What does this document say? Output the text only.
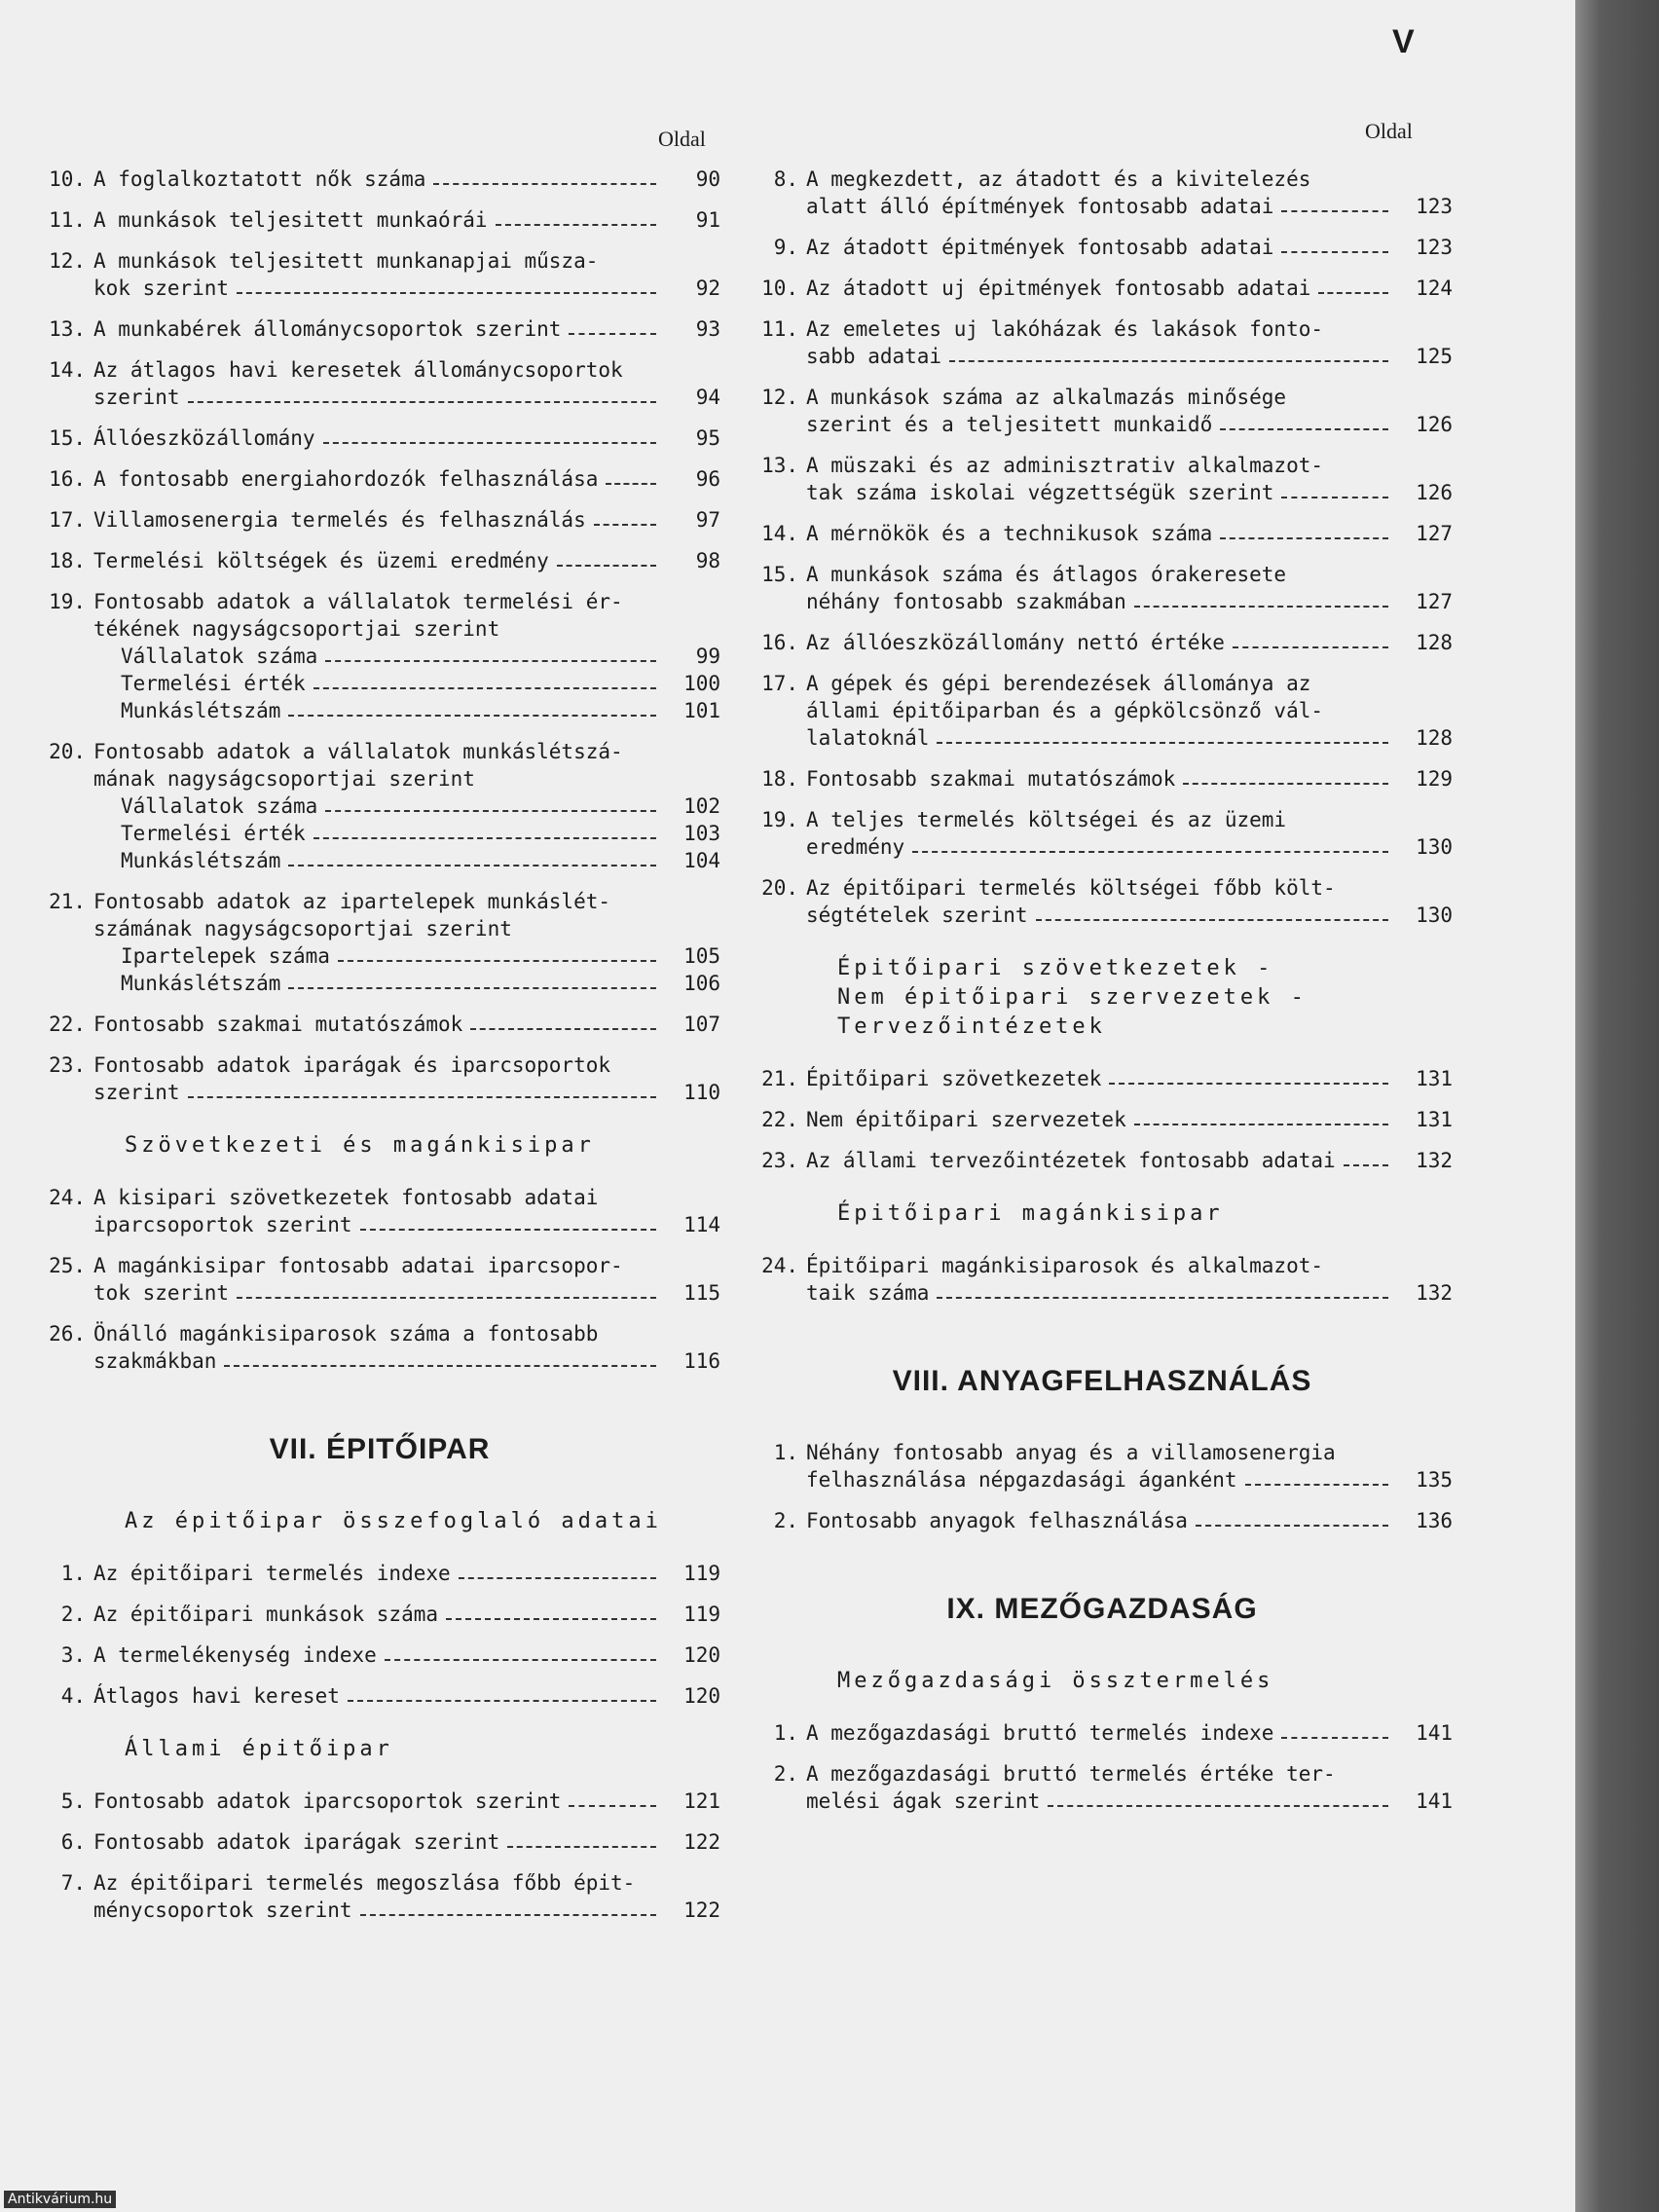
V
Oldal	Oldal
10. A foglalkoztatott nők száma	90
11. A munkások teljesitett munkaórái	91
12. A munkások teljesitett munkanapjai műsza-
kok szerint	92
13. A munkabérek állománycsoportok szerint	93
14. Az átlagos havi keresetek állománycsoportok
szerint	94
15. Állóeszközállomány	95
16. A fontosabb energiahordozók felhasználása	96
17. Villamosenergia termelés és felhasználás	97
18. Termelési költségek és üzemi eredmény	98
19. Fontosabb adatok a vállalatok termelési ér-
tékének nagyságcsoportjai szerint
Vállalatok száma	99
Termelési érték	100
Munkáslétszám	101
20. Fontosabb adatok a vállalatok munkáslétszá-
mának nagyságcsoportjai szerint
Vállalatok száma	102
Termelési érték	103
Munkáslétszám	104
21. Fontosabb adatok az ipartelepek munkáslét-
számának nagyságcsoportjai szerint
Ipartelepek száma	105
Munkáslétszám	106
22. Fontosabb szakmai mutatószámok	107
23. Fontosabb adatok iparágak és iparcsoportok
szerint	110
Szövetkezeti és magánkisipar
24. A kisipari szövetkezetek fontosabb adatai
iparcsoportok szerint	114
25. A magánkisipar fontosabb adatai iparcsopor-
tok szerint	115
26. Önálló magánkisiparosok száma a fontosabb
szakmákban	116
VII. ÉPITŐIPAR
Az épitőipar összefoglaló adatai
1. Az épitőipari termelés indexe	119
2. Az épitőipari munkások száma	119
3. A termelékenység indexe	120
4. Átlagos havi kereset	120
Állami épitőipar
5. Fontosabb adatok iparcsoportok szerint	121
6. Fontosabb adatok iparágak szerint	122
7. Az épitőipari termelés megoszlása főbb épit-
ménycsoportok szerint	122
8. A megkezdett, az átadott és a kivitelezés
alatt álló építmények fontosabb adatai	123
9. Az átadott épitmények fontosabb adatai	123
10. Az átadott uj épitmények fontosabb adatai	124
11. Az emeletes uj lakóházak és lakások fonto-
sabb adatai	125
12. A munkások száma az alkalmazás minősége
szerint és a teljesitett munkaidő	126
13. A müszaki és az adminisztrativ alkalmazot-
tak száma iskolai végzettségük szerint	126
14. A mérnökök és a technikusok száma	127
15. A munkások száma és átlagos órakeresete
néhány fontosabb szakmában	127
16. Az állóeszközállomány nettó értéke	128
17. A gépek és gépi berendezések állománya az
állami épitőiparban és a gépkölcsönző vál-
lalatoknál	128
18. Fontosabb szakmai mutatószámok	129
19. A teljes termelés költségei és az üzemi
eredmény	130
20. Az épitőipari termelés költségei főbb költ-
ségtételek szerint	130
Épitőipari szövetkezetek -
Nem épitőipari szervezetek -
Tervezőintézetek
21. Épitőipari szövetkezetek	131
22. Nem épitőipari szervezetek	131
23. Az állami tervezőintézetek fontosabb adatai	132
Épitőipari magánkisipar
24. Épitőipari magánkisiparosok és alkalmazot-
taik száma	132
VIII. ANYAGFELHASZNÁLÁS
1. Néhány fontosabb anyag és a villamosenergia
felhasználása népgazdasági áganként	135
2. Fontosabb anyagok felhasználása	136
IX. MEZŐGAZDASÁG
Mezőgazdasági össztermelés
1. A mezőgazdasági bruttó termelés indexe	141
2. A mezőgazdasági bruttó termelés értéke ter-
melési ágak szerint	141
Antikvárium.hu
